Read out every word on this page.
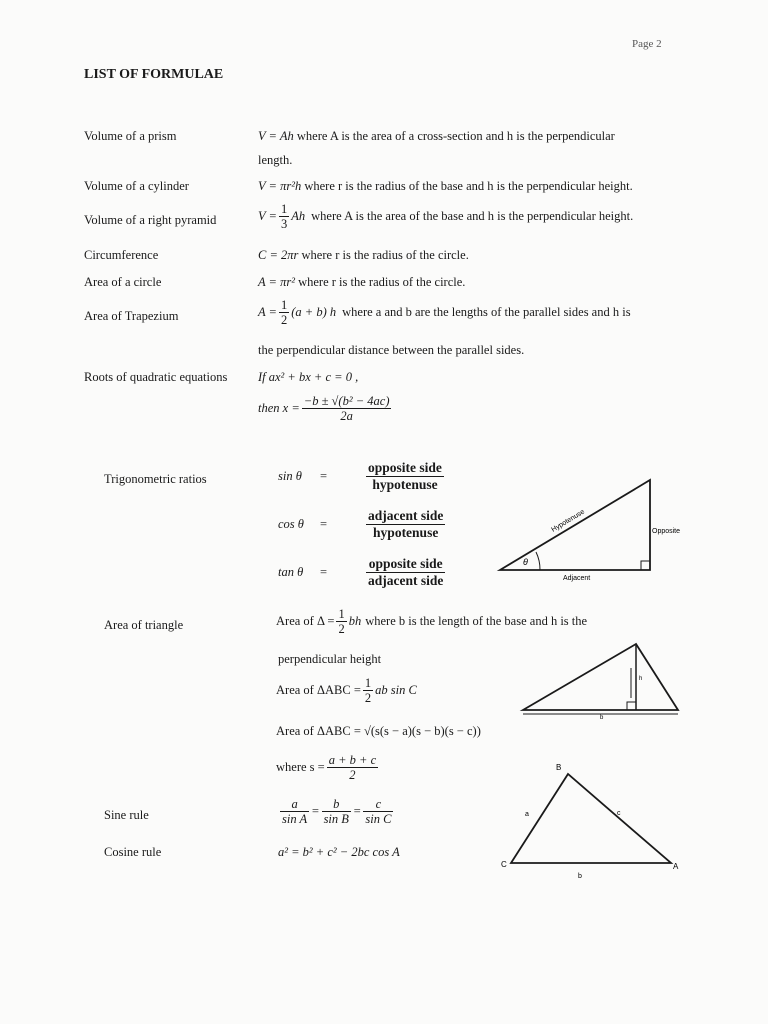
Page 2
LIST OF FORMULAE
Volume of a prism	V = Ah where A is the area of a cross-section and h is the perpendicular
length.
Volume of a cylinder	V = πr²h where r is the radius of the base and h is the perpendicular height.
Volume of a right pyramid	$V = \frac{1}{3}$ Ah where A is the area of the base and h is the perpendicular height.
Circumference	C = 2πr where r is the radius of the circle.
Area of a circle	A = πr² where r is the radius of the circle.
Area of Trapezium	$A = \frac{1}{2} (a + b)$ h where a and b are the lengths of the parallel sides and h is
the perpendicular distance between the parallel sides.
Roots of quadratic equations If ax² + bx + c = 0 ,
then $x = \frac{\text{−b ± √(b² − 4ac)}}{2a}$
Trigonometric ratios	sin θ	=	$\frac{\text{opposite side}}{\text{hypotenuse}}$
cos θ	=	$\frac{\text{adjacent side}}{\text{hypotenuse}}$
tan θ	=	$\frac{\text{opposite side}}{\text{adjacent side}}$	θ
Hypotenuse	Opposite
Adjacent
Area of triangle	Area of $\Delta = \frac{1}{2}$ bh where b is the length of the base and h is the
perpendicular height
Area of $\Delta ABC = \frac{1}{2}$ ab sin C
Area of ΔABC = √(s(s − a)(s − b)(s − c))
where $s = \frac{a + b + c}{2}$
h
b
Sine rule	$\frac{a}{\text{sin A}} = \frac{b}{\text{sin B}} = \frac{c}{\text{sin C}}$
Cosine rule	a² = b² + c² − 2bc cos A
B
C	A
a	c
b
